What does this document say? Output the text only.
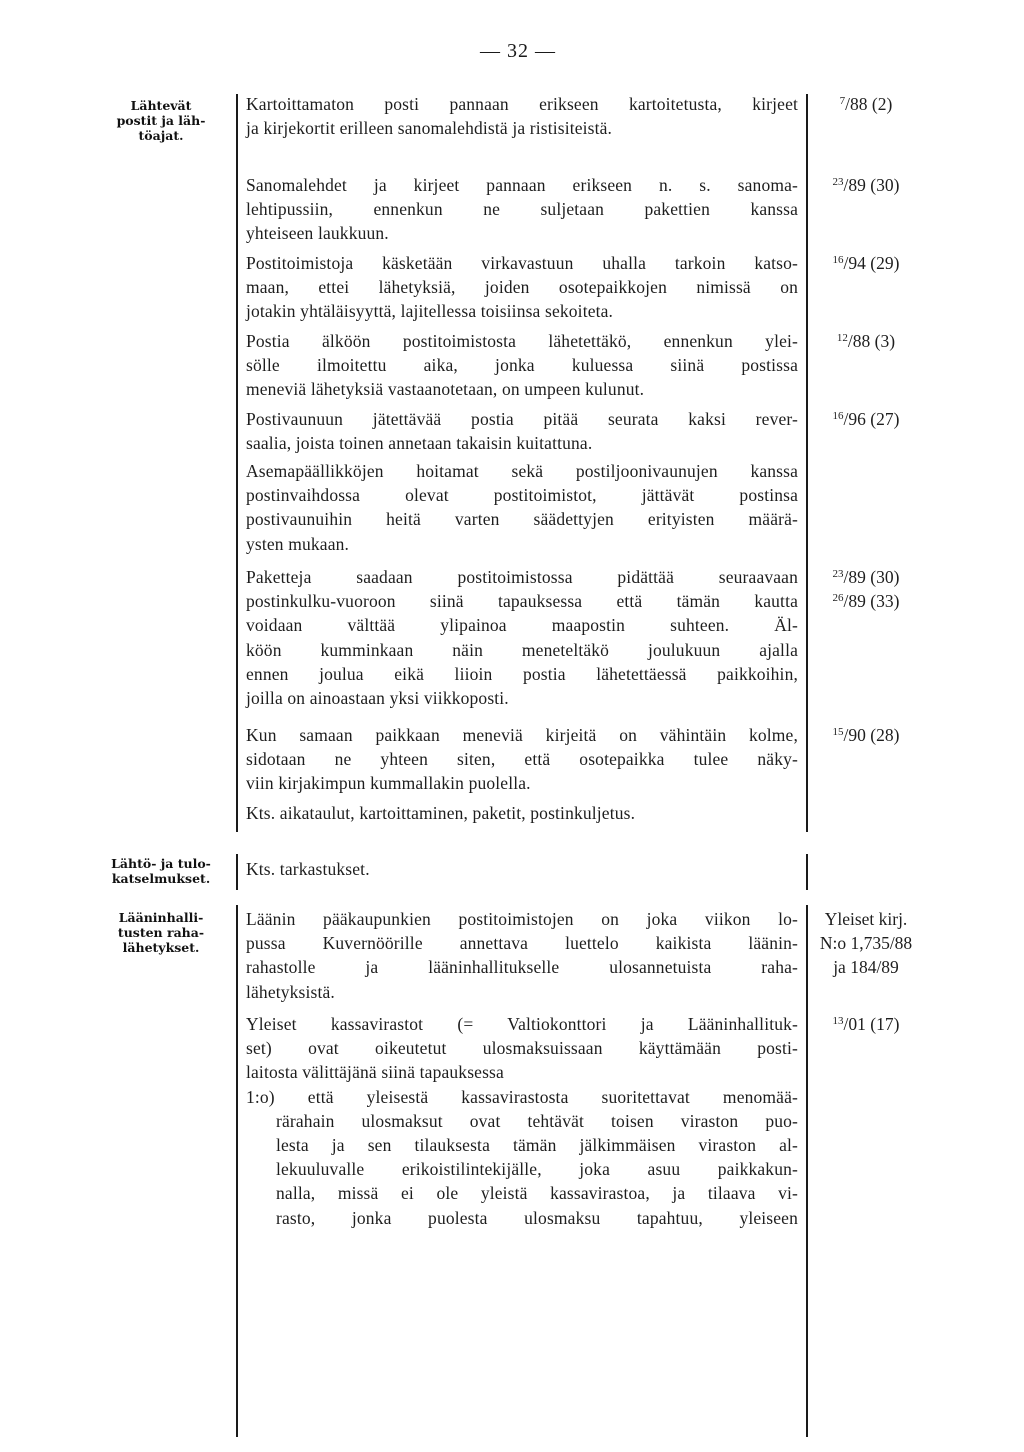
— 32 —
Lähtevät
postit ja läh-
töajat.
Kartoittamaton posti pannaan erikseen kartoitetusta, kirjeet
ja kirjekortit erilleen sanomalehdistä ja ristisiteistä.
$^7$/88 (2)
Sanomalehdet ja kirjeet pannaan erikseen n. s. sanoma-
lehtipussiin, ennenkun ne suljetaan pakettien kanssa
yhteiseen laukkuun.
$^{23}$/89 (30)
Postitoimistoja käsketään virkavastuun uhalla tarkoin katso-
maan, ettei lähetyksiä, joiden osotepaikkojen nimissä on
jotakin yhtäläisyyttä, lajitellessa toisiinsa sekoiteta.
$^{16}$/94 (29)
Postia älköön postitoimistosta lähetettäkö, ennenkun ylei-
sölle ilmoitettu aika, jonka kuluessa siinä postissa
meneviä lähetyksiä vastaanotetaan, on umpeen kulunut.
$^{12}$/88 (3)
Postivaunuun jätettävää postia pitää seurata kaksi rever-
saalia, joista toinen annetaan takaisin kuitattuna.
$^{16}$/96 (27)
Asemapäällikköjen hoitamat sekä postiljoonivaunujen kanssa
postinvaihdossa olevat postitoimistot, jättävät postinsa
postivaunuihin heitä varten säädettyjen erityisten määrä-
ysten mukaan.
Paketteja saadaan postitoimistossa pidättää seuraavaan
postinkulku-vuoroon siinä tapauksessa että tämän kautta
voidaan välttää ylipainoa maapostin suhteen. Äl-
köön kumminkaan näin meneteltäkö joulukuun ajalla
ennen joulua eikä liioin postia lähetettäessä paikkoihin,
joilla on ainoastaan yksi viikkoposti.
$^{23}$/89 (30)
$^{26}$/89 (33)
Kun samaan paikkaan meneviä kirjeitä on vähintäin kolme,
sidotaan ne yhteen siten, että osotepaikka tulee näky-
viin kirjakimpun kummallakin puolella.
$^{15}$/90 (28)
Kts. aikataulut, kartoittaminen, paketit, postinkuljetus.
Lähtö- ja tulo-
katselmukset.	Kts. tarkastukset.
Lääninhalli-
tusten raha-
lähetykset.
Läänin pääkaupunkien postitoimistojen on joka viikon lo-
pussa Kuvernöörille annettava luettelo kaikista läänin-
rahastolle ja lääninhallitukselle ulosannetuista raha-
lähetyksistä.
Yleiset kirj.
N:o 1,735/88
ja 184/89
Yleiset kassavirastot (= Valtiokonttori ja Lääninhallituk-
set) ovat oikeutetut ulosmaksuissaan käyttämään posti-
laitosta välittäjänä siinä tapauksessa
1:o) että yleisestä kassavirastosta suoritettavat menomää-
rärahain ulosmaksut ovat tehtävät toisen viraston puo-
lesta ja sen tilauksesta tämän jälkimmäisen viraston al-
lekuuluvalle erikoistilintekijälle, joka asuu paikkakun-
nalla, missä ei ole yleistä kassavirastoa, ja tilaava vi-
rasto, jonka puolesta ulosmaksu tapahtuu, yleiseen
$^{13}$/01 (17)
